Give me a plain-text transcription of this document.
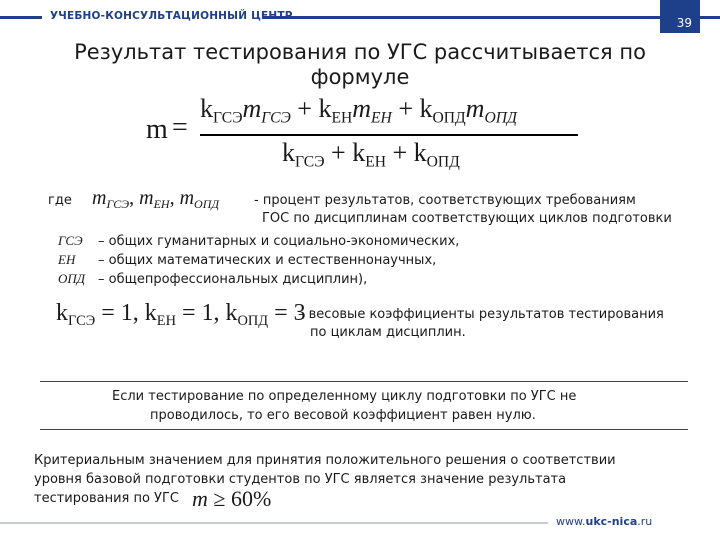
УЧЕБНО-КОНСУЛЬТАЦИОННЫЙ ЦЕНТР	39
Результат тестирования по УГС рассчитывается по формуле
m =
$k_{ГСЭ}m_{ГСЭ} + k_{ЕН}m_{ЕН} + k_{ОПД}m_{ОПД}$
$k_{ГСЭ} + k_{ЕН} + k_{ОПД}$
где $m_{ГСЭ}$, $m_{ЕН}$, $m_{ОПД}$	- процент результатов, соответствующих требованиям
ГОС по дисциплинам соответствующих циклов подготовки
ГСЭ – общих гуманитарных и социально-экономических,
ЕН – общих математических и естественнонаучных,
ОПД – общепрофессиональных дисциплин),
$k_{ГСЭ} = 1$, $k_{ЕН} = 1$, $k_{ОПД} = 3$
– весовые коэффициенты результатов тестирования
по циклам дисциплин.
Если тестирование по определенному циклу подготовки по УГС не
проводилось, то его весовой коэффициент равен нулю.
Критериальным значением для принятия положительного решения о соответствии
уровня базовой подготовки студентов по УГС является значение результата
тестирования по УГС m ≥ 60%
www.ukc-nica.ru
